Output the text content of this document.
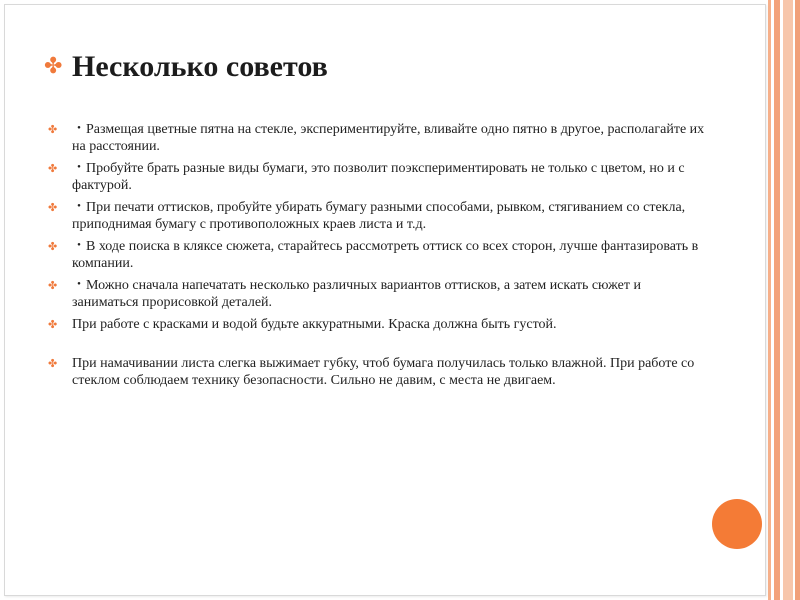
✤ Несколько советов
✤	・Размещая цветные пятна на стекле, экспериментируйте, вливайте одно пятно в другое, располагайте их на расстоянии.
✤	・Пробуйте брать разные виды бумаги, это позволит поэкспериментировать не только с цветом, но и с фактурой.
✤	・При печати оттисков, пробуйте убирать бумагу разными способами, рывком, стягиванием со стекла, приподнимая бумагу с противоположных краев листа и т.д.
✤	・В ходе поиска в кляксе сюжета, старайтесь рассмотреть оттиск со всех сторон, лучше фантазировать в компании.
✤	・Можно сначала напечатать несколько различных вариантов оттисков, а затем искать сюжет и заниматься прорисовкой деталей.
✤	При работе с красками и водой будьте аккуратными. Краска должна быть густой.
✤	При намачивании листа слегка выжимает губку, чтоб бумага получилась только влажной. При работе со стеклом соблюдаем технику безопасности. Сильно не давим, с места не двигаем.
